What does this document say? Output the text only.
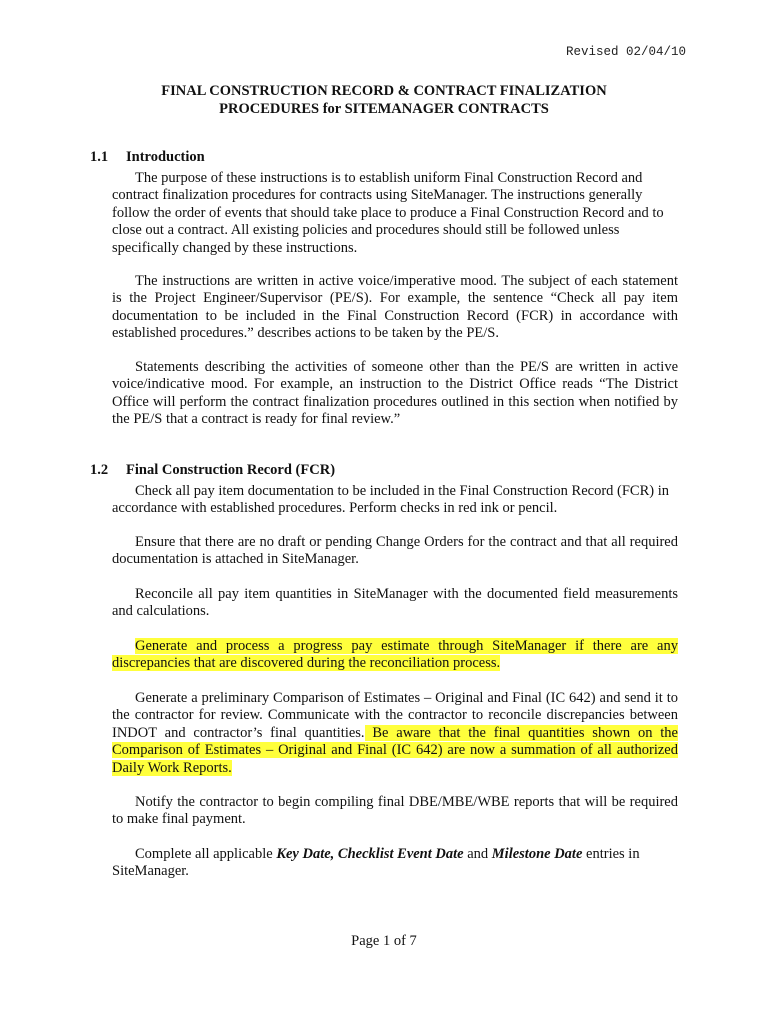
Revised 02/04/10
FINAL CONSTRUCTION RECORD & CONTRACT FINALIZATION
PROCEDURES for SITEMANAGER CONTRACTS
1.1 Introduction

The purpose of these instructions is to establish uniform Final Construction Record and contract finalization procedures for contracts using SiteManager. The instructions generally follow the order of events that should take place to produce a Final Construction Record and to close out a contract. All existing policies and procedures should still be followed unless specifically changed by these instructions.

The instructions are written in active voice/imperative mood. The subject of each statement is the Project Engineer/Supervisor (PE/S). For example, the sentence “Check all pay item documentation to be included in the Final Construction Record (FCR) in accordance with established procedures.” describes actions to be taken by the PE/S.

Statements describing the activities of someone other than the PE/S are written in active voice/indicative mood. For example, an instruction to the District Office reads “The District Office will perform the contract finalization procedures outlined in this section when notified by the PE/S that a contract is ready for final review.”

1.2 Final Construction Record (FCR)

Check all pay item documentation to be included in the Final Construction Record (FCR) in accordance with established procedures. Perform checks in red ink or pencil.

Ensure that there are no draft or pending Change Orders for the contract and that all required documentation is attached in SiteManager.

Reconcile all pay item quantities in SiteManager with the documented field measurements and calculations.

Generate and process a progress pay estimate through SiteManager if there are any discrepancies that are discovered during the reconciliation process.

Generate a preliminary Comparison of Estimates – Original and Final (IC 642) and send it to the contractor for review. Communicate with the contractor to reconcile discrepancies between INDOT and contractor’s final quantities. Be aware that the final quantities shown on the Comparison of Estimates – Original and Final (IC 642) are now a summation of all authorized Daily Work Reports.

Notify the contractor to begin compiling final DBE/MBE/WBE reports that will be required to make final payment.

Complete all applicable Key Date, Checklist Event Date and Milestone Date entries in SiteManager.

Page 1 of 7
